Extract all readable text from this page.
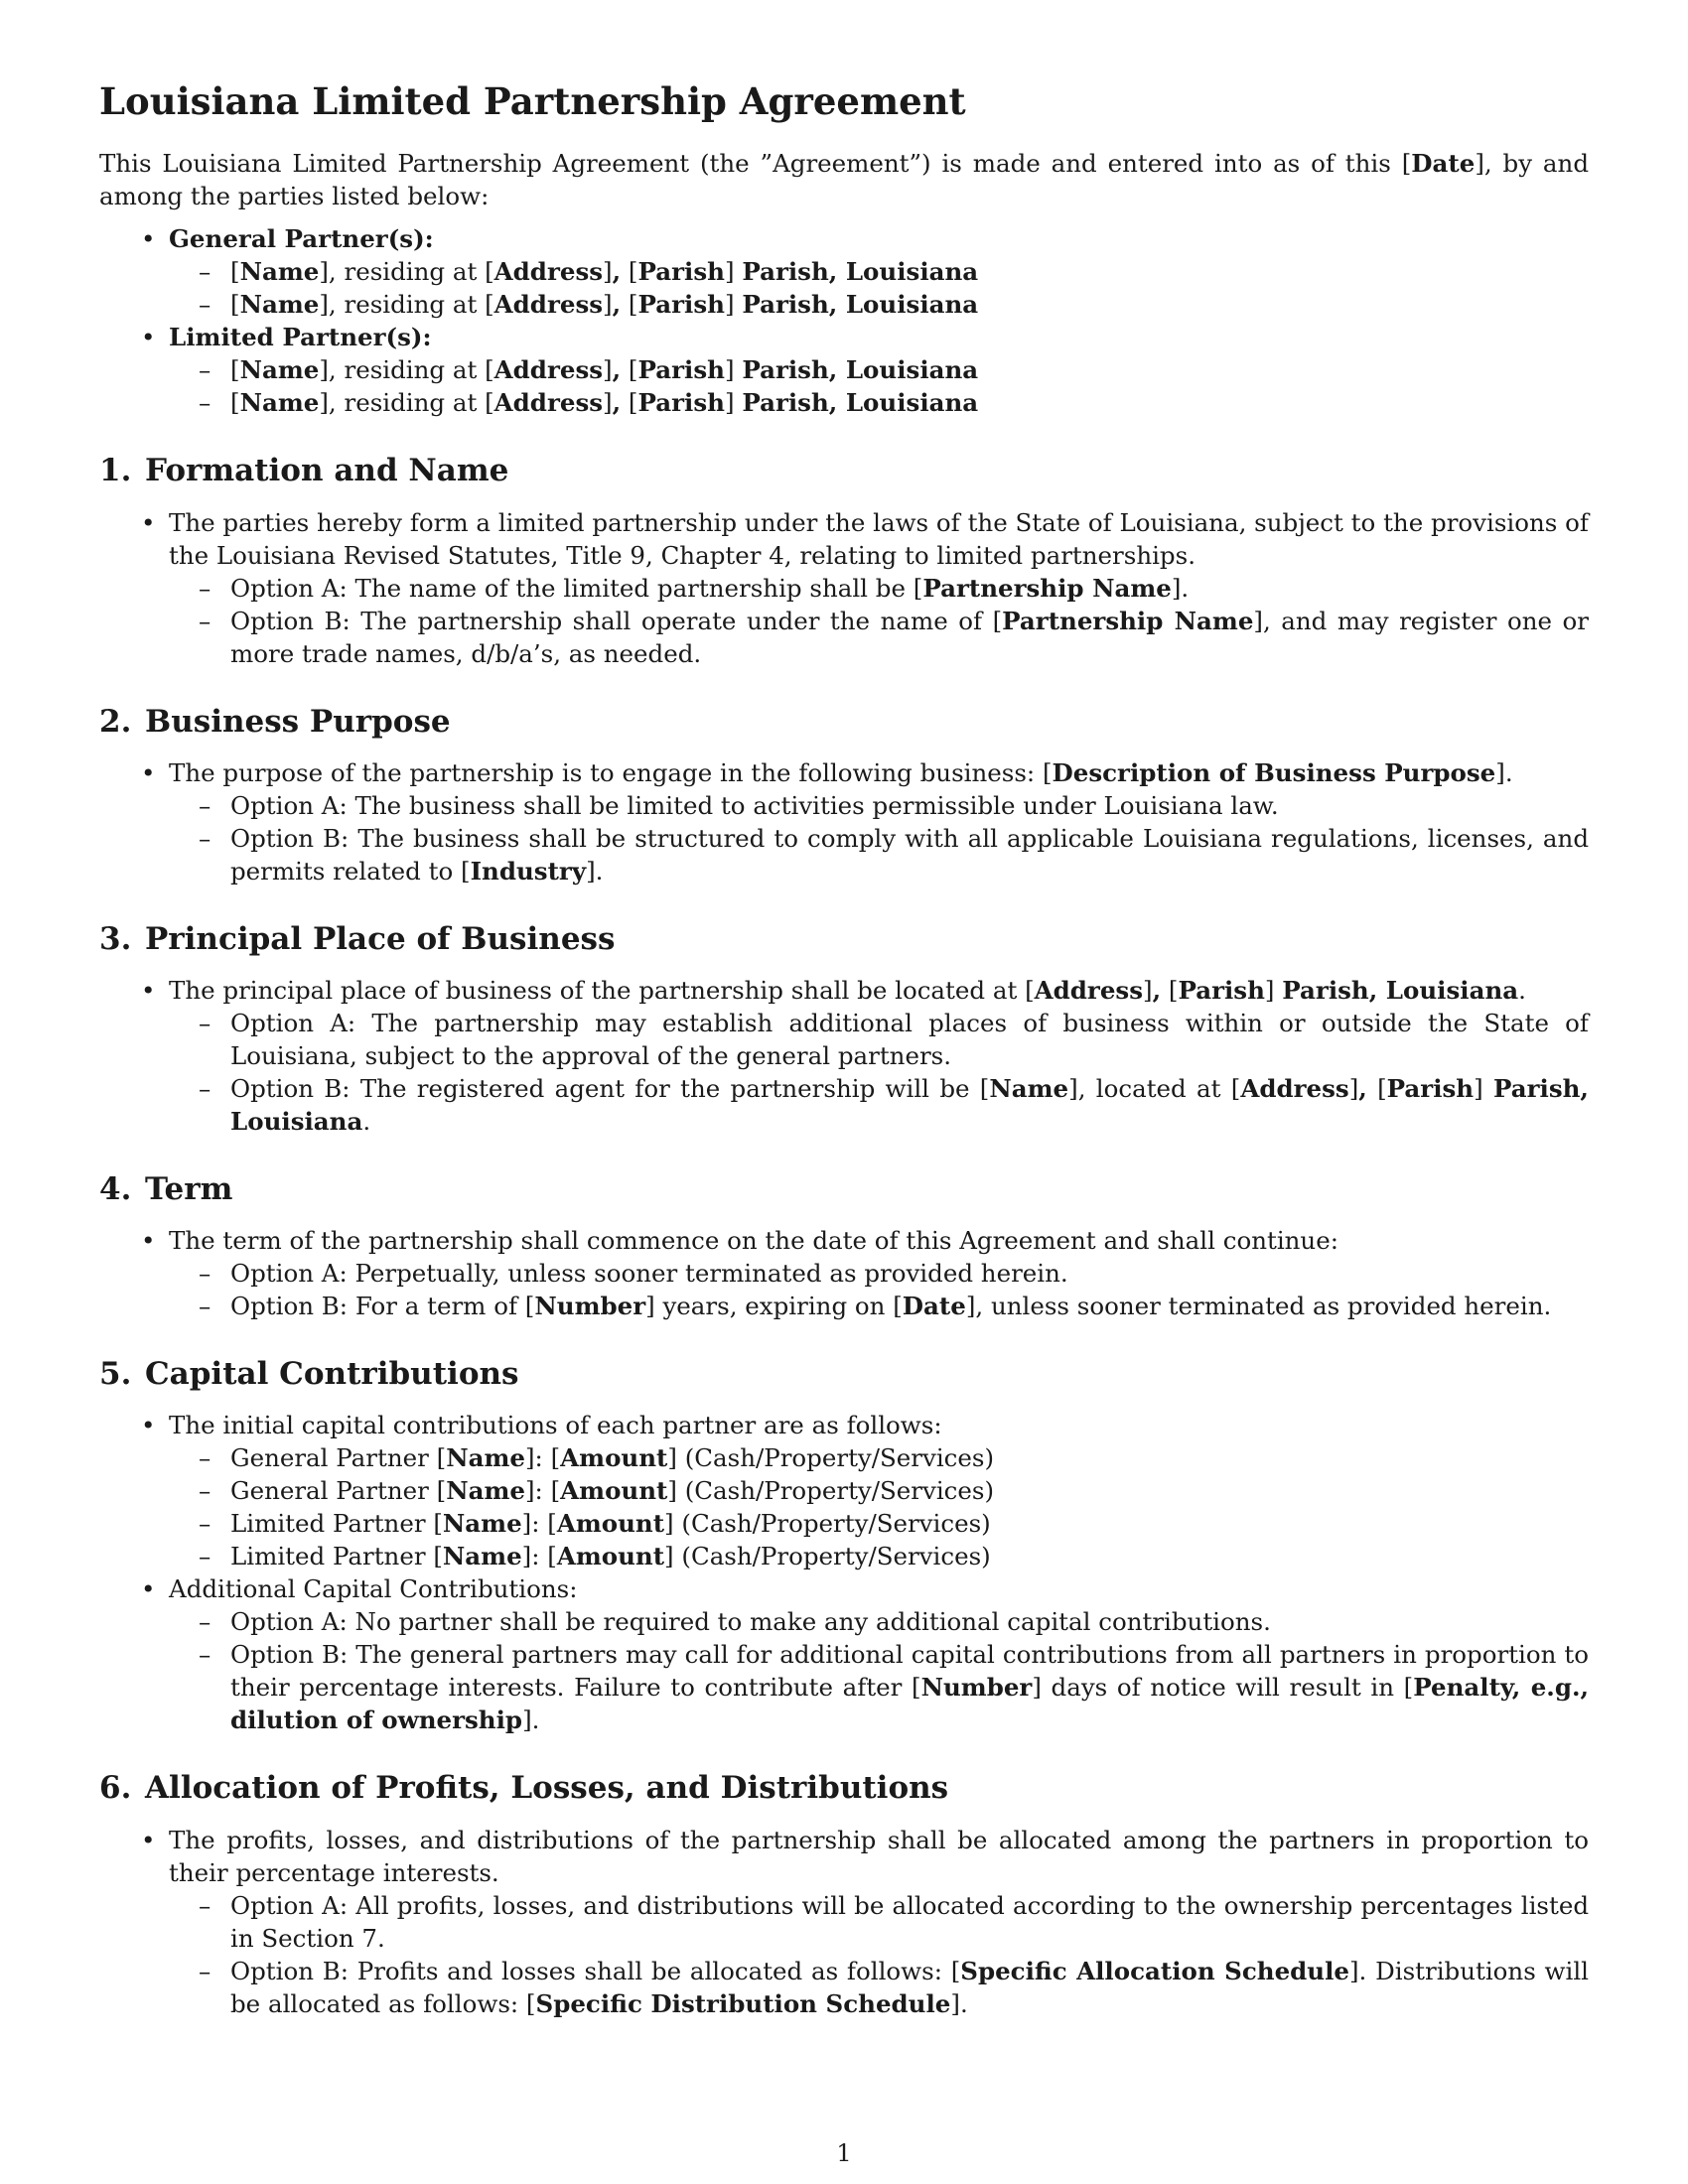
Louisiana Limited Partnership Agreement

This Louisiana Limited Partnership Agreement (the ”Agreement”) is made and entered into as of this [Date], by and among the parties listed below:

• General Partner(s):
– [Name], residing at [Address], [Parish] Parish, Louisiana
– [Name], residing at [Address], [Parish] Parish, Louisiana
• Limited Partner(s):
– [Name], residing at [Address], [Parish] Parish, Louisiana
– [Name], residing at [Address], [Parish] Parish, Louisiana
1. Formation and Name
• The parties hereby form a limited partnership under the laws of the State of Louisiana, subject to the provisions of the Louisiana Revised Statutes, Title 9, Chapter 4, relating to limited partnerships.
– Option A: The name of the limited partnership shall be [Partnership Name].
– Option B: The partnership shall operate under the name of [Partnership Name], and may register one or more trade names, d/b/a’s, as needed.
2. Business Purpose
• The purpose of the partnership is to engage in the following business: [Description of Business Purpose].
– Option A: The business shall be limited to activities permissible under Louisiana law.
– Option B: The business shall be structured to comply with all applicable Louisiana regulations, licenses, and permits related to [Industry].
3. Principal Place of Business
• The principal place of business of the partnership shall be located at [Address], [Parish] Parish, Louisiana.
– Option A: The partnership may establish additional places of business within or outside the State of Louisiana, subject to the approval of the general partners.
– Option B: The registered agent for the partnership will be [Name], located at [Address], [Parish] Parish, Louisiana.
4. Term
• The term of the partnership shall commence on the date of this Agreement and shall continue:
– Option A: Perpetually, unless sooner terminated as provided herein.
– Option B: For a term of [Number] years, expiring on [Date], unless sooner terminated as provided herein.
5. Capital Contributions
• The initial capital contributions of each partner are as follows:
– General Partner [Name]: [Amount] (Cash/Property/Services)
– General Partner [Name]: [Amount] (Cash/Property/Services)
– Limited Partner [Name]: [Amount] (Cash/Property/Services)
– Limited Partner [Name]: [Amount] (Cash/Property/Services)
• Additional Capital Contributions:
– Option A: No partner shall be required to make any additional capital contributions.
– Option B: The general partners may call for additional capital contributions from all partners in proportion to their percentage interests. Failure to contribute after [Number] days of notice will result in [Penalty, e.g., dilution of ownership].
6. Allocation of Profits, Losses, and Distributions
• The profits, losses, and distributions of the partnership shall be allocated among the partners in proportion to their percentage interests.
– Option A: All profits, losses, and distributions will be allocated according to the ownership percentages listed in Section 7.
– Option B: Profits and losses shall be allocated as follows: [Specific Allocation Schedule]. Distributions will be allocated as follows: [Specific Distribution Schedule].
1
